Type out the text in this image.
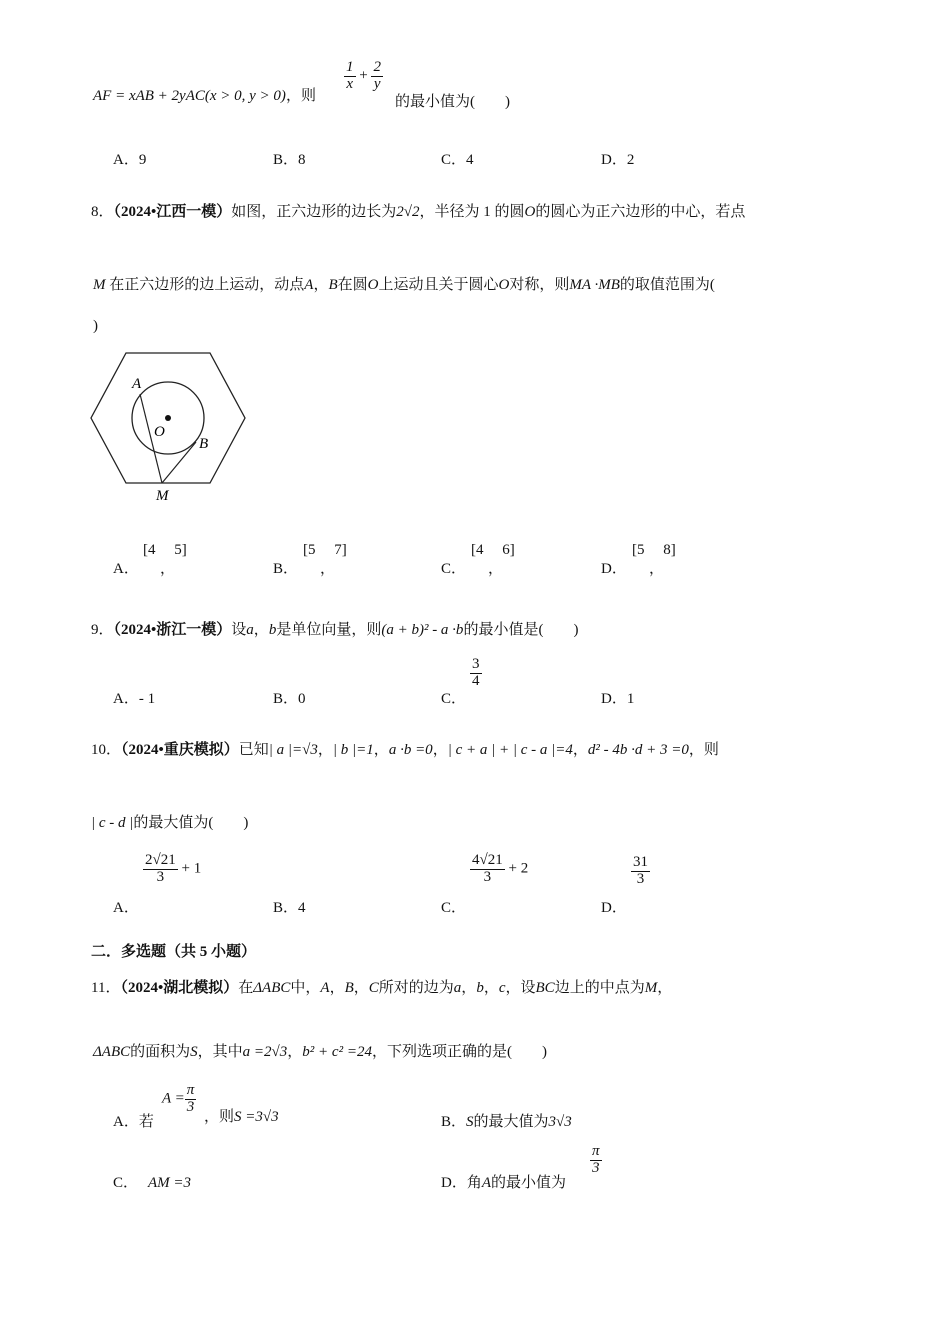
AF = xAB + 2yAC(x > 0, y > 0)，则
$\frac{1}{x} + \frac{2}{y}$
的最小值为(　　)
A．9	B．8	C．4	D．2
8．（2024•江西一模）如图，正六边形的边长为2√2，半径为 1 的圆O的圆心为正六边形的中心，若点
M 在正六边形的边上运动，动点A，B在圆O上运动且关于圆心O对称，则MA ·MB的取值范围为(
)
A
O
B
M
A．
[4　 5]
，	B．
[5　 7]
，	C．
[4　 6]
，	D．
[5　 8]
，
9．（2024•浙江一模）设a，b是单位向量，则(a + b)² - a ·b的最小值是(　　)
A．- 1	B．0	C．
$\frac{3}{4}$
D．1
10．（2024•重庆模拟）已知| a |=√3，| b |=1，a ·b =0，| c + a | + | c - a |=4，d² - 4b ·d + 3 =0，则
| c - d |的最大值为(　　)
A．
$\frac{2√21}{3} + 1$
B．4	C．
$\frac{4√21}{3} + 2$
D．
$\frac{31}{3}$
二．多选题（共 5 小题）
11．（2024•湖北模拟）在ΔABC中，A，B，C所对的边为a，b，c，设BC边上的中点为M，
ΔABC的面积为S，其中a =2√3，b² + c² =24，下列选项正确的是(　　)
A．若
$A = \frac{\pi}{3}$
，则S =3√3	B．S的最大值为3√3
C． AM =3	D．角A的最小值为
$\frac{\pi}{3}$
